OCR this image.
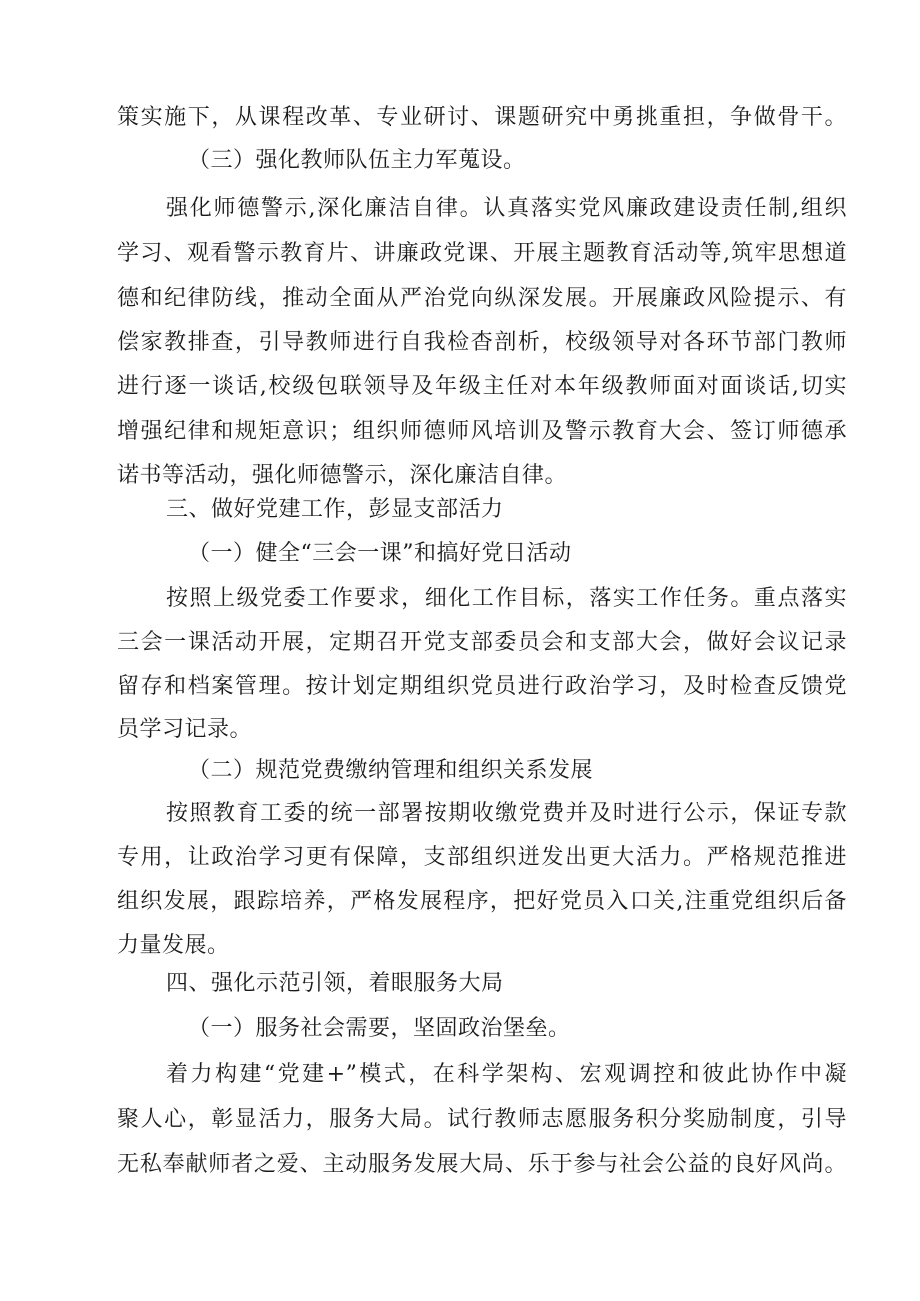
策实施下，从课程改革、专业研讨、课题研究中勇挑重担，争做骨干。
（三）强化教师队伍主力军蒐设。
强化师德警示,深化廉洁自律。认真落实党风廉政建设责任制,组织
学习、观看警示教育片、讲廉政党课、开展主题教育活动等,筑牢思想道
德和纪律防线，推动全面从严治党向纵深发展。开展廉政风险提示、有
偿家教排查，引导教师进行自我检杳剖析，校级领导对各环节部门教师
进行逐一谈话,校级包联领导及年级主任对本年级教师面对面谈话,切实
增强纪律和规矩意识；组织师德师风培训及警示教育大会、签订师德承
诺书等活动，强化师德警示，深化廉洁自律。
三、做好党建工作，彭显支部活力
（一）健全“三会一课”和搞好党日活动
按照上级党委工作要求，细化工作目标，落实工作任务。重点落实
三会一课活动开展，定期召开党支部委员会和支部大会，做好会议记录
留存和档案管理。按计划定期组织党员进行政治学习，及时检查反馈党
员学习记录。
（二）规范党费缴纳管理和组织关系发展
按照教育工委的统一部署按期收缴党费并及时进行公示，保证专款
专用，让政治学习更有保障，支部组织迸发出更大活力。严格规范推进
组织发展，跟踪培养，严格发展程序，把好党员入口关,注重党组织后备
力量发展。
四、强化示范引领，着眼服务大局
（一）服务社会需要，坚固政治堡垒。
着力构建“党建+”模式，在科学架构、宏观调控和彼此协作中凝
聚人心，彰显活力，服务大局。试行教师志愿服务积分奖励制度，引导
无私奉献师者之爱、主动服务发展大局、乐于参与社会公益的良好风尚。
